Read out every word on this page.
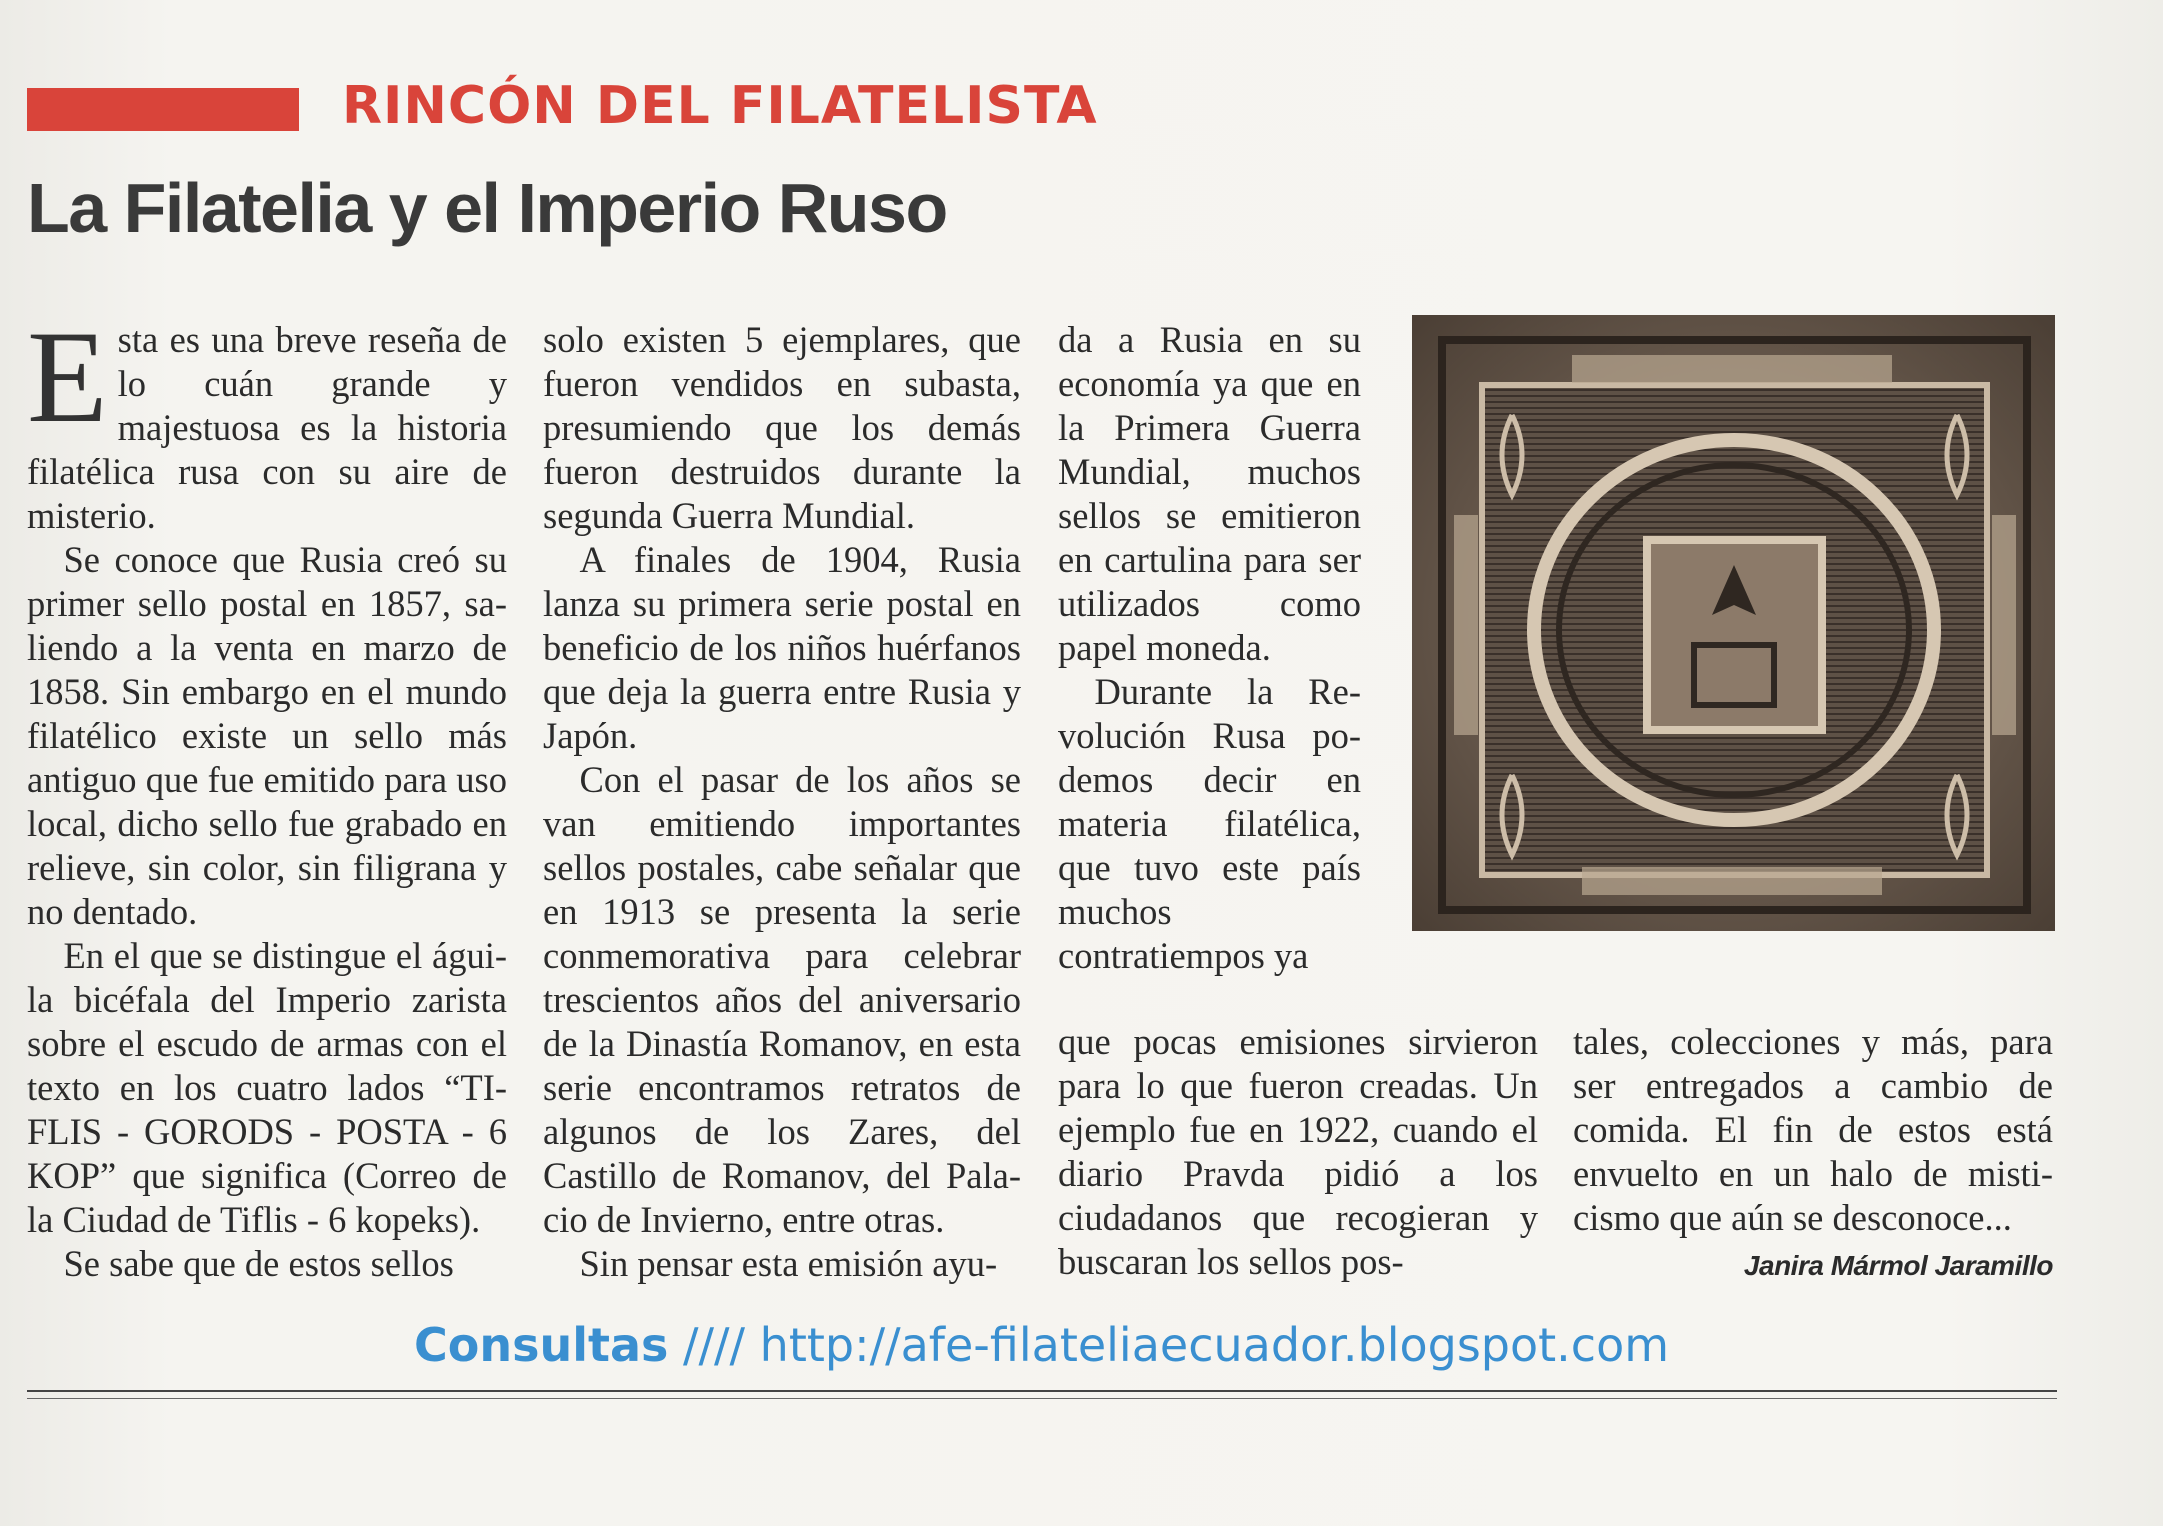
RINCÓN DEL FILATELISTA
La Filatelia y el Imperio Ruso

Esta es una breve reseña de lo cuán grande y majestuosa es la historia filatélica rusa con su aire de misterio.

Se conoce que Rusia creó su primer sello postal en 1857, saliendo a la venta en marzo de 1858. Sin embargo en el mundo filatélico existe un sello más antiguo que fue emitido para uso local, dicho sello fue grabado en relieve, sin color, sin filigrana y no dentado.

En el que se distingue el águila bicéfala del Imperio zarista sobre el escudo de armas con el texto en los cuatro lados “TIFLIS - GORODS - POSTA - 6 KOP” que significa (Correo de la Ciudad de Tiflis - 6 kopeks).

Se sabe que de estos sellos

solo existen 5 ejemplares, que fueron vendidos en subasta, presumiendo que los demás fueron destruidos durante la segunda Guerra Mundial.

A finales de 1904, Rusia lanza su primera serie postal en beneficio de los niños huérfanos que deja la guerra entre Rusia y Japón.

Con el pasar de los años se van emitiendo importantes sellos postales, cabe señalar que en 1913 se presenta la serie conmemorativa para celebrar trescientos años del aniversario de la Dinastía Romanov, en esta serie encontramos retratos de algunos de los Zares, del Castillo de Romanov, del Palacio de Invierno, entre otras.

Sin pensar esta emisión ayu-

da a Rusia en su economía ya que en la Primera Guerra Mundial, muchos sellos se emitieron en cartulina para ser utilizados como papel moneda.

Durante la Revolución Rusa podemos decir en materia filatélica, que tuvo este país muchos contratiempos ya

que pocas emisiones sirvieron para lo que fueron creadas. Un ejemplo fue en 1922, cuando el diario Pravda pidió a los ciudadanos que recogieran y buscaran los sellos pos-

tales, colecciones y más, para ser entregados a cambio de comida. El fin de estos está envuelto en un halo de misticismo que aún se desconoce...

Janira Mármol Jaramillo
Consultas //// http://afe-filateliaecuador.blogspot.com
